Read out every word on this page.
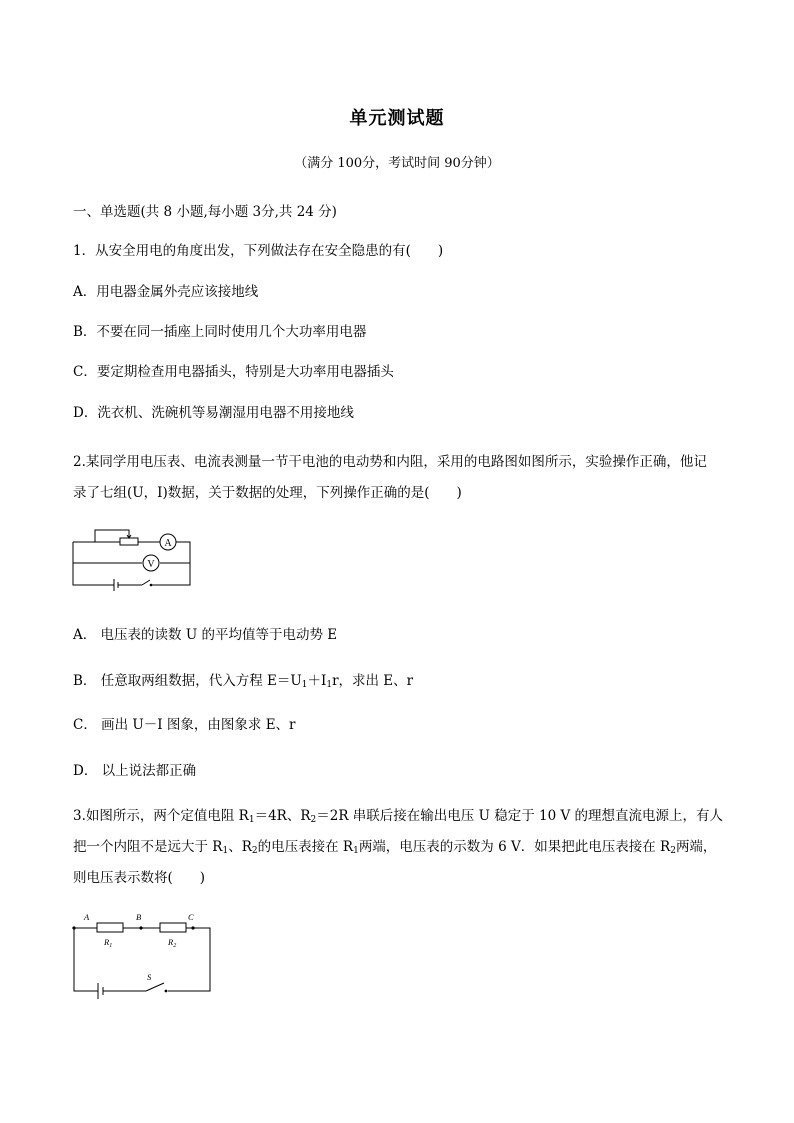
单元测试题
（满分 100分，考试时间 90分钟）
一、单选题(共 8 小题,每小题 3分,共 24 分)
1．从安全用电的角度出发，下列做法存在安全隐患的有(　　)
A．用电器金属外壳应该接地线
B．不要在同一插座上同时使用几个大功率用电器
C．要定期检查用电器插头，特别是大功率用电器插头
D．洗衣机、洗碗机等易潮湿用电器不用接地线
2.某同学用电压表、电流表测量一节干电池的电动势和内阻，采用的电路图如图所示，实验操作正确，他记
录了七组(U，I)数据，关于数据的处理，下列操作正确的是(　　)
A
V
A． 电压表的读数 U 的平均值等于电动势 E
B． 任意取两组数据，代入方程 $E=U_1+I_1r$，求出 E、r
C． 画出 U－I 图象，由图象求 E、r
D． 以上说法都正确
3.如图所示，两个定值电阻 $R_1=4R$、$R_2=2R$ 串联后接在输出电压 U 稳定于 10 V 的理想直流电源上，有人
把一个内阻不是远大于 $R_1$、$R_2$的电压表接在 $R_1$两端，电压表的示数为 6 V．如果把此电压表接在 $R_2$两端，
则电压表示数将(　　)
A	B	C
$R_1$	$R_2$
S
